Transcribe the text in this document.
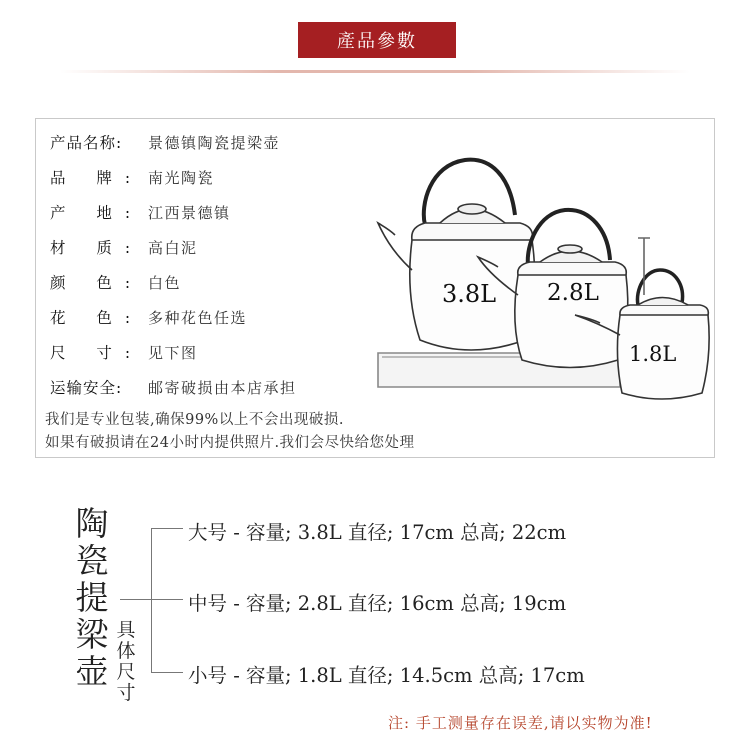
產品參數
产品名称:	景德镇陶瓷提梁壶
品 牌: 南光陶瓷
产 地: 江西景德镇
材 质: 高白泥
颜 色: 白色
花 色: 多种花色任选
尺 寸: 见下图
运输安全:	邮寄破损由本店承担
我们是专业包装,确保99%以上不会出现破损.
如果有破损请在24小时内提供照片.我们会尽快给您处理
3.8L 2.8L
1.8L
陶
瓷
提
梁
壶
具
体
尺
寸
大号 - 容量; 3.8L 直径; 17cm 总高; 22cm
中号 - 容量; 2.8L 直径; 16cm 总高; 19cm
小号 - 容量; 1.8L 直径; 14.5cm 总高; 17cm
注: 手工测量存在误差,请以实物为准!
